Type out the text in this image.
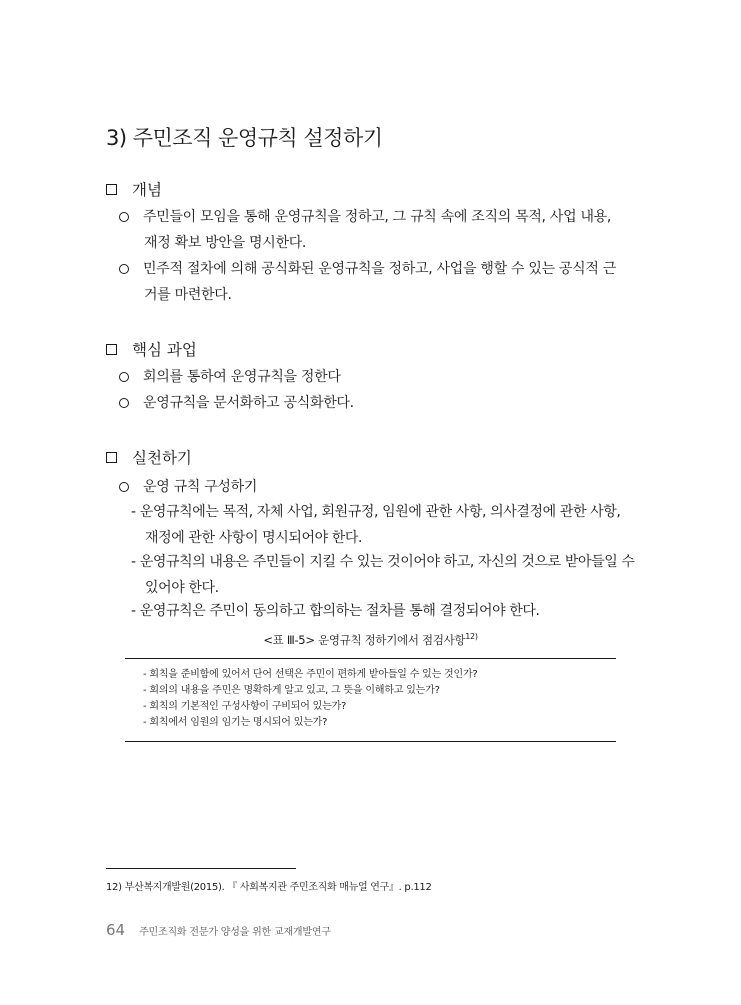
3) 주민조직 운영규칙 설정하기
개념
주민들이 모임을 통해 운영규칙을 정하고, 그 규칙 속에 조직의 목적, 사업 내용,
재정 확보 방안을 명시한다.
민주적 절차에 의해 공식화된 운영규칙을 정하고, 사업을 행할 수 있는 공식적 근
거를 마련한다.
핵심 과업
회의를 통하여 운영규칙을 정한다
운영규칙을 문서화하고 공식화한다.
실천하기
운영 규칙 구성하기
- 운영규칙에는 목적, 자체 사업, 회원규정, 임원에 관한 사항, 의사결정에 관한 사항,
재정에 관한 사항이 명시되어야 한다.
- 운영규칙의 내용은 주민들이 지킬 수 있는 것이어야 하고, 자신의 것으로 받아들일 수
있어야 한다.
- 운영규칙은 주민이 동의하고 합의하는 절차를 통해 결정되어야 한다.
<표 Ⅲ-5> 운영규칙 정하기에서 점검사항$^{12)}$
- 회칙을 준비함에 있어서 단어 선택은 주민이 편하게 받아들일 수 있는 것인가?
- 회의의 내용을 주민은 명확하게 알고 있고, 그 뜻을 이해하고 있는가?
- 회칙의 기본적인 구성사항이 구비되어 있는가?
- 회칙에서 임원의 임기는 명시되어 있는가?
12) 부산복지개발원(2015). 『 사회복지관 주민조직화 매뉴얼 연구』. p.112
64 주민조직화 전문가 양성을 위한 교재개발연구
